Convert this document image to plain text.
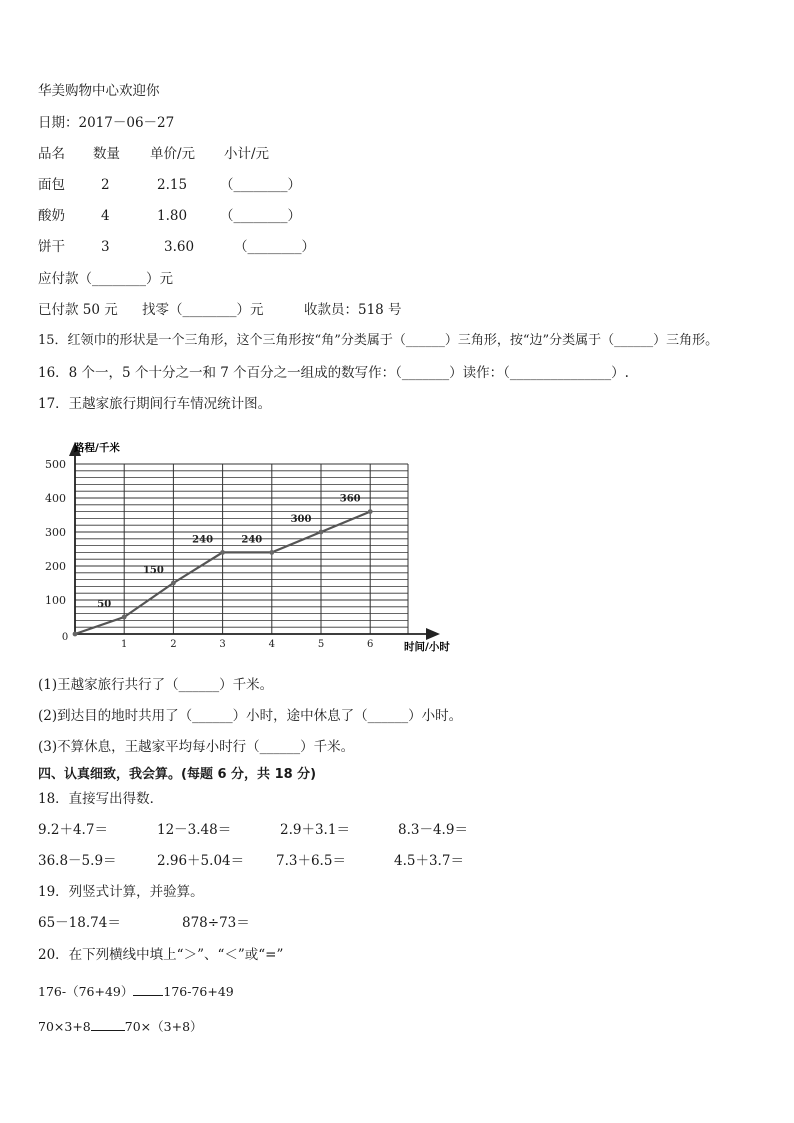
华美购物中心欢迎你
日期：2017－06－27
品名 数量 单价/元 小计/元
面包	2	2.15 （________）
酸奶	4	1.80 （________）
饼干	3	3.60	（________）
应付款（________）元
已付款 50 元 找零（________）元	收款员：518 号
15．红领巾的形状是一个三角形，这个三角形按“角”分类属于（______）三角形，按“边”分类属于（______）三角形。
16．8 个一，5 个十分之一和 7 个百分之一组成的数写作：（_______）读作：（_______________）.
17．王越家旅行期间行车情况统计图。
100
200
300
400
500
0
1	2	3	4	5	6
50
150
240	240
300
360
路程/千米
时间/小时
(1)王越家旅行共行了（______）千米。
(2)到达目的地时共用了（______）小时，途中休息了（______）小时。
(3)不算休息，王越家平均每小时行（______）千米。
四、认真细致，我会算。(每题 6 分，共 18 分)
18．直接写出得数．
9.2＋4.7＝	12－3.48＝	2.9＋3.1＝	8.3－4.9＝
36.8－5.9＝	2.96＋5.04＝ 7.3＋6.5＝	4.5＋3.7＝
19．列竖式计算，并验算。
65－18.74＝	878÷73＝
20．在下列横线中填上“＞”、“＜”或“=”
176-（76+49） 176-76+49
70×3+8	70×（3+8）
